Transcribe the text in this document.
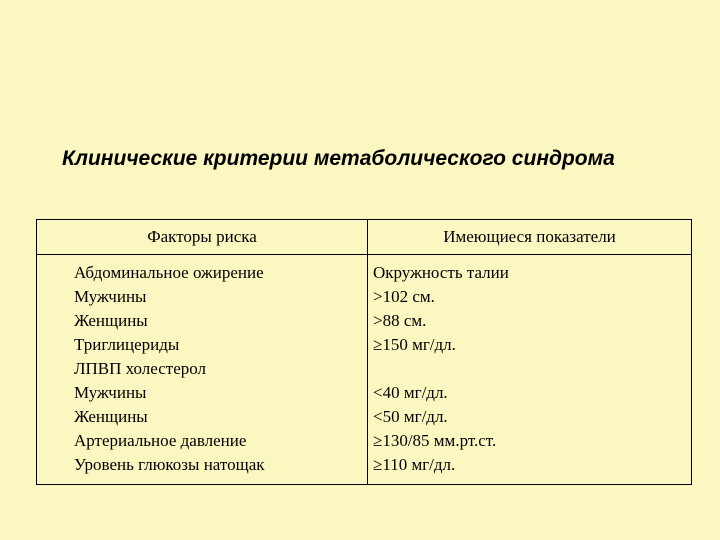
Клинические критерии метаболического синдрома
Факторы риска	Имеющиеся показатели
Абдоминальное ожирение
Мужчины
Женщины
Триглицериды
ЛПВП холестерол
Мужчины
Женщины
Артериальное давление
Уровень глюкозы натощак
Окружность талии
>102 см.
>88 см.
≥150 мг/дл.
<40 мг/дл.
<50 мг/дл.
≥130/85 мм.рт.ст.
≥110 мг/дл.
